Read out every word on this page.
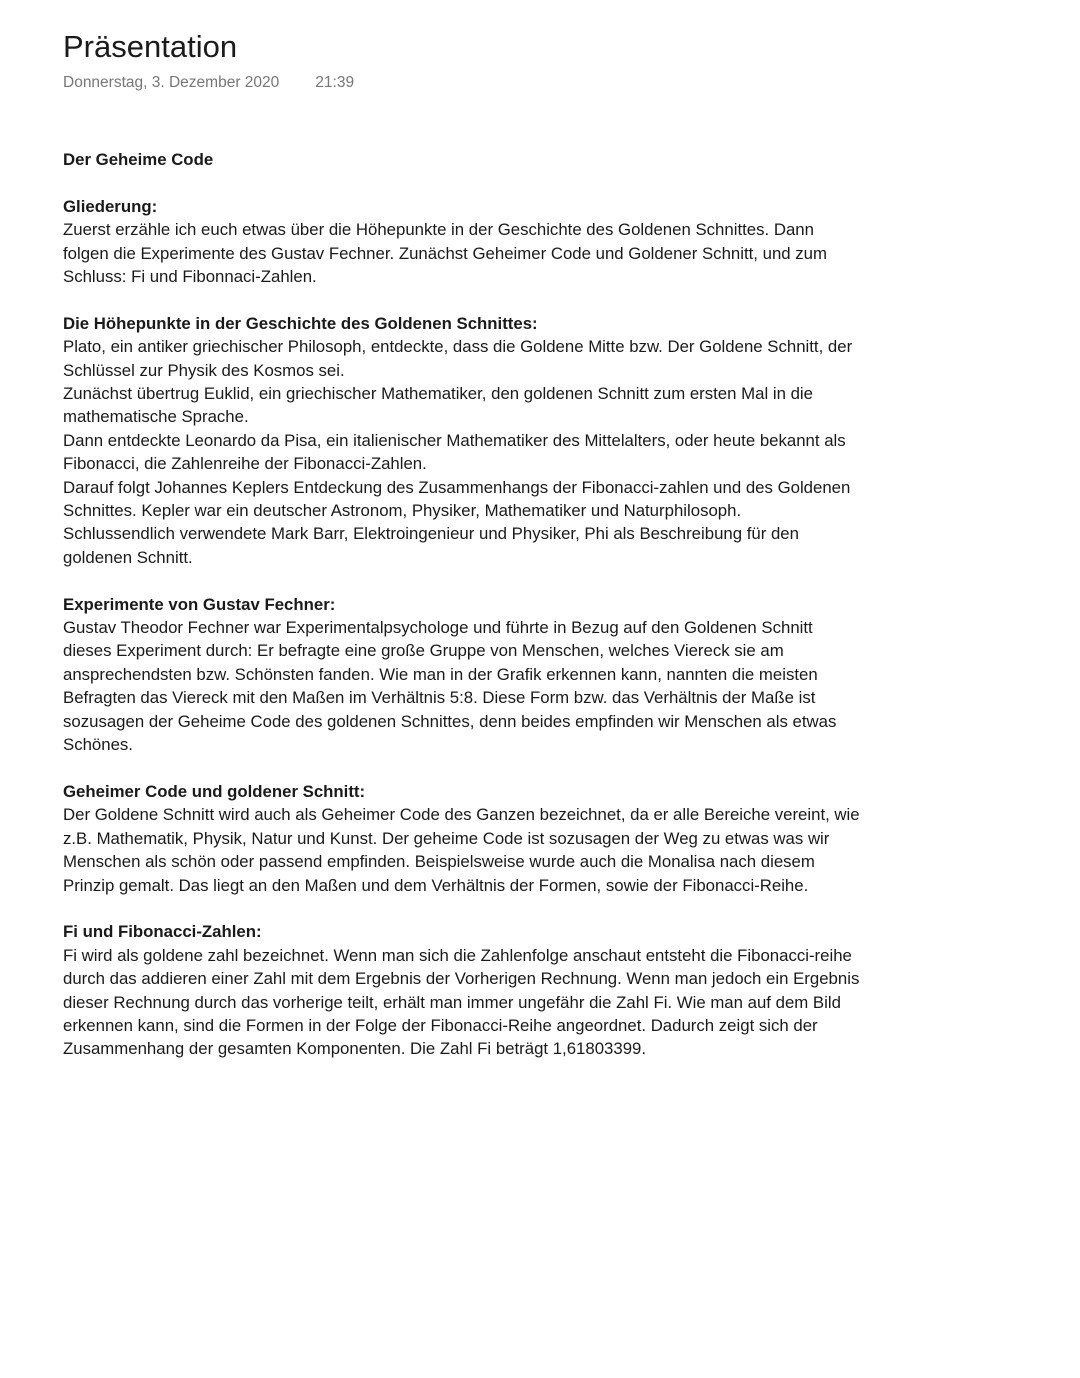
Präsentation
Donnerstag, 3. Dezember 2020 21:39
Der Geheime Code
Gliederung:

Zuerst erzähle ich euch etwas über die Höhepunkte in der Geschichte des Goldenen Schnittes. Dann folgen die Experimente des Gustav Fechner. Zunächst Geheimer Code und Goldener Schnitt, und zum Schluss: Fi und Fibonnaci-Zahlen.

Die Höhepunkte in der Geschichte des Goldenen Schnittes:

Plato, ein antiker griechischer Philosoph, entdeckte, dass die Goldene Mitte bzw. Der Goldene Schnitt, der Schlüssel zur Physik des Kosmos sei.

Zunächst übertrug Euklid, ein griechischer Mathematiker, den goldenen Schnitt zum ersten Mal in die mathematische Sprache.

Dann entdeckte Leonardo da Pisa, ein italienischer Mathematiker des Mittelalters, oder heute bekannt als Fibonacci, die Zahlenreihe der Fibonacci-Zahlen.

Darauf folgt Johannes Keplers Entdeckung des Zusammenhangs der Fibonacci-zahlen und des Goldenen Schnittes. Kepler war ein deutscher Astronom, Physiker, Mathematiker und Naturphilosoph.

Schlussendlich verwendete Mark Barr, Elektroingenieur und Physiker, Phi als Beschreibung für den goldenen Schnitt.

Experimente von Gustav Fechner:

Gustav Theodor Fechner war Experimentalpsychologe und führte in Bezug auf den Goldenen Schnitt dieses Experiment durch: Er befragte eine große Gruppe von Menschen, welches Viereck sie am ansprechendsten bzw. Schönsten fanden. Wie man in der Grafik erkennen kann, nannten die meisten Befragten das Viereck mit den Maßen im Verhältnis 5:8. Diese Form bzw. das Verhältnis der Maße ist sozusagen der Geheime Code des goldenen Schnittes, denn beides empfinden wir Menschen als etwas Schönes.

Geheimer Code und goldener Schnitt:

Der Goldene Schnitt wird auch als Geheimer Code des Ganzen bezeichnet, da er alle Bereiche vereint, wie z.B. Mathematik, Physik, Natur und Kunst. Der geheime Code ist sozusagen der Weg zu etwas was wir Menschen als schön oder passend empfinden. Beispielsweise wurde auch die Monalisa nach diesem Prinzip gemalt. Das liegt an den Maßen und dem Verhältnis der Formen, sowie der Fibonacci-Reihe.

Fi und Fibonacci-Zahlen:

Fi wird als goldene zahl bezeichnet. Wenn man sich die Zahlenfolge anschaut entsteht die Fibonacci-reihe durch das addieren einer Zahl mit dem Ergebnis der Vorherigen Rechnung. Wenn man jedoch ein Ergebnis dieser Rechnung durch das vorherige teilt, erhält man immer ungefähr die Zahl Fi. Wie man auf dem Bild erkennen kann, sind die Formen in der Folge der Fibonacci-Reihe angeordnet. Dadurch zeigt sich der Zusammenhang der gesamten Komponenten. Die Zahl Fi beträgt 1,61803399.
